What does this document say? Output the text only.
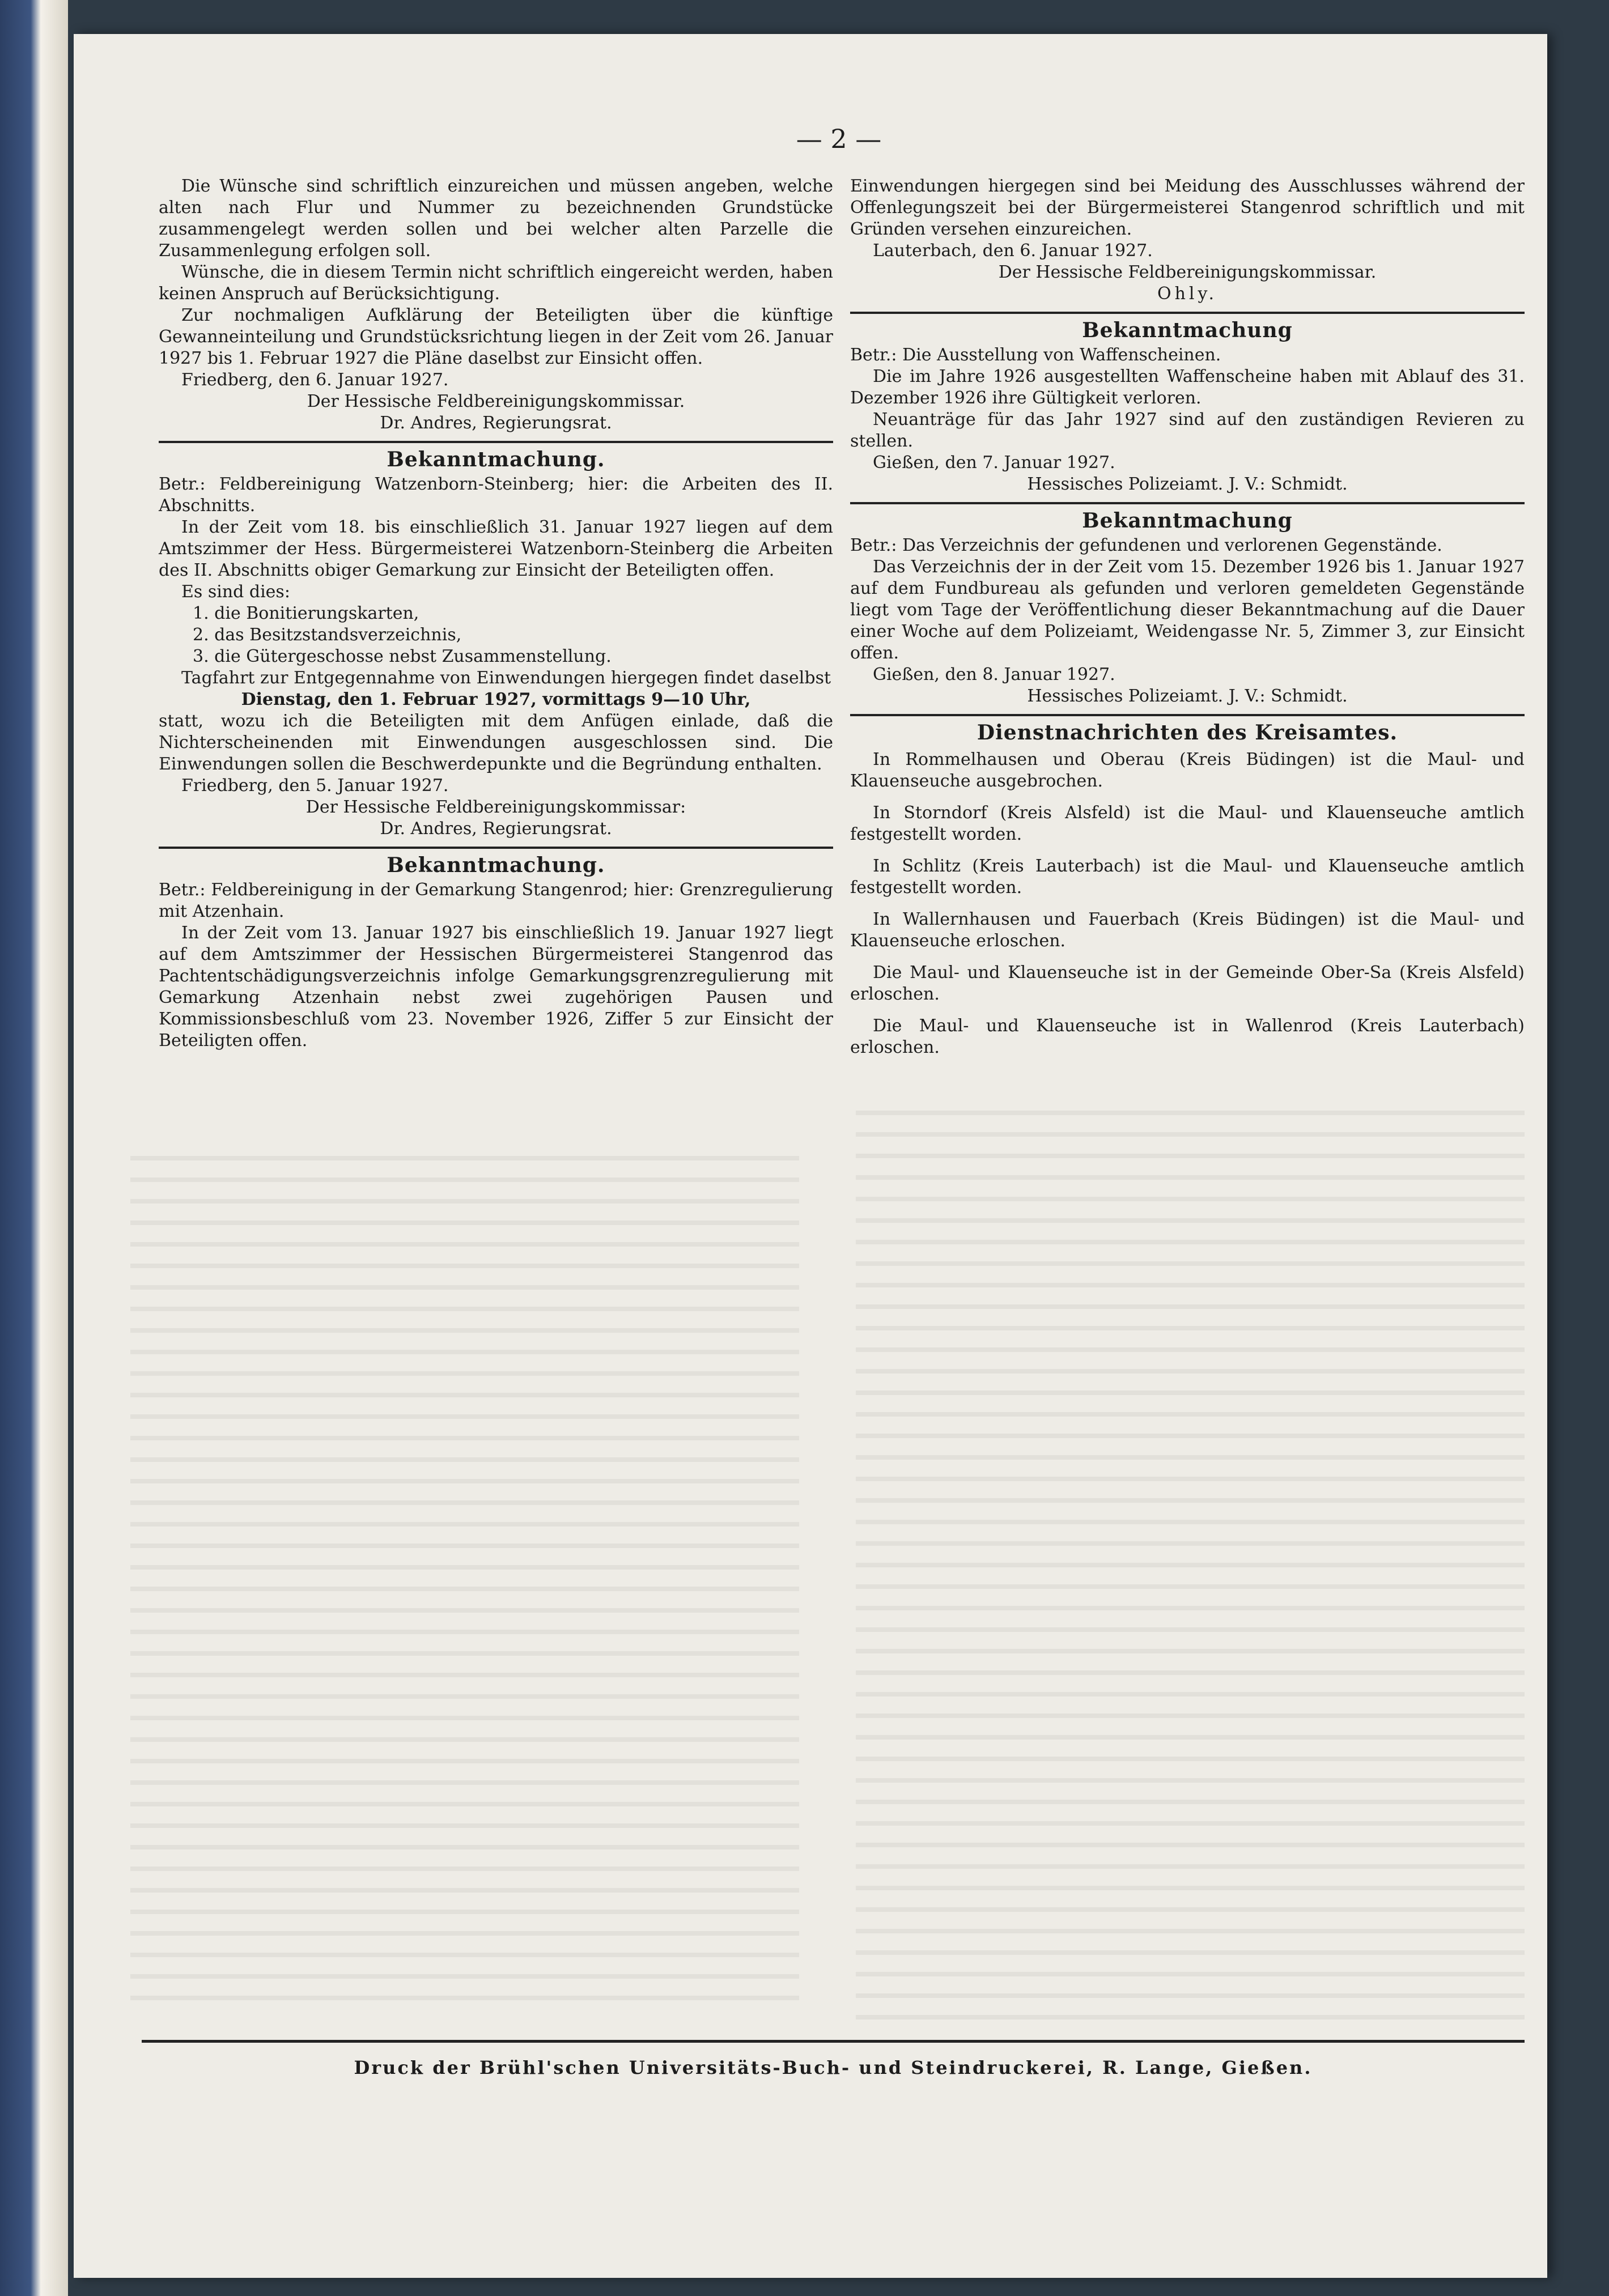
— 2 —

Die Wünsche sind schriftlich einzureichen und müssen angeben, welche alten nach Flur und Nummer zu bezeichnenden Grundstücke zusammengelegt werden sollen und bei welcher alten Parzelle die Zusammenlegung erfolgen soll.

Wünsche, die in diesem Termin nicht schriftlich eingereicht werden, haben keinen Anspruch auf Berücksichtigung.

Zur nochmaligen Aufklärung der Beteiligten über die künftige Gewanneinteilung und Grundstücksrichtung liegen in der Zeit vom 26. Januar 1927 bis 1. Februar 1927 die Pläne daselbst zur Einsicht offen.

Friedberg, den 6. Januar 1927.

Der Hessische Feldbereinigungskommissar.

Dr. Andres, Regierungsrat.

Bekanntmachung.

Betr.: Feldbereinigung Watzenborn-Steinberg; hier: die Arbeiten des II. Abschnitts.

In der Zeit vom 18. bis einschließlich 31. Januar 1927 liegen auf dem Amtszimmer der Hess. Bürgermeisterei Watzenborn-Steinberg die Arbeiten des II. Abschnitts obiger Gemarkung zur Einsicht der Beteiligten offen.

Es sind dies:

1. die Bonitierungskarten,

2. das Besitzstandsverzeichnis,

3. die Gütergeschosse nebst Zusammenstellung.

Tagfahrt zur Entgegennahme von Einwendungen hiergegen findet daselbst

Dienstag, den 1. Februar 1927, vormittags 9—10 Uhr,

statt, wozu ich die Beteiligten mit dem Anfügen einlade, daß die Nichterscheinenden mit Einwendungen ausgeschlossen sind. Die Einwendungen sollen die Beschwerdepunkte und die Begründung enthalten.

Friedberg, den 5. Januar 1927.

Der Hessische Feldbereinigungskommissar:

Dr. Andres, Regierungsrat.

Bekanntmachung.

Betr.: Feldbereinigung in der Gemarkung Stangenrod; hier: Grenzregulierung mit Atzenhain.

In der Zeit vom 13. Januar 1927 bis einschließlich 19. Januar 1927 liegt auf dem Amtszimmer der Hessischen Bürgermeisterei Stangenrod das Pachtentschädigungsverzeichnis infolge Gemarkungsgrenzregulierung mit Gemarkung Atzenhain nebst zwei zugehörigen Pausen und Kommissionsbeschluß vom 23. November 1926, Ziffer 5 zur Einsicht der Beteiligten offen.

Einwendungen hiergegen sind bei Meidung des Ausschlusses während der Offenlegungszeit bei der Bürgermeisterei Stangenrod schriftlich und mit Gründen versehen einzureichen.

Lauterbach, den 6. Januar 1927.

Der Hessische Feldbereinigungskommissar.

Ohly.

Bekanntmachung

Betr.: Die Ausstellung von Waffenscheinen.

Die im Jahre 1926 ausgestellten Waffenscheine haben mit Ablauf des 31. Dezember 1926 ihre Gültigkeit verloren.

Neuanträge für das Jahr 1927 sind auf den zuständigen Revieren zu stellen.

Gießen, den 7. Januar 1927.

Hessisches Polizeiamt. J. V.: Schmidt.

Bekanntmachung

Betr.: Das Verzeichnis der gefundenen und verlorenen Gegenstände.

Das Verzeichnis der in der Zeit vom 15. Dezember 1926 bis 1. Januar 1927 auf dem Fundbureau als gefunden und verloren gemeldeten Gegenstände liegt vom Tage der Veröffentlichung dieser Bekanntmachung auf die Dauer einer Woche auf dem Polizeiamt, Weidengasse Nr. 5, Zimmer 3, zur Einsicht offen.

Gießen, den 8. Januar 1927.

Hessisches Polizeiamt. J. V.: Schmidt.

Dienstnachrichten des Kreisamtes.

In Rommelhausen und Oberau (Kreis Büdingen) ist die Maul- und Klauenseuche ausgebrochen.

In Storndorf (Kreis Alsfeld) ist die Maul- und Klauenseuche amtlich festgestellt worden.

In Schlitz (Kreis Lauterbach) ist die Maul- und Klauenseuche amtlich festgestellt worden.

In Wallernhausen und Fauerbach (Kreis Büdingen) ist die Maul- und Klauenseuche erloschen.

Die Maul- und Klauenseuche ist in der Gemeinde Ober-Sa (Kreis Alsfeld) erloschen.

Die Maul- und Klauenseuche ist in Wallenrod (Kreis Lauterbach) erloschen.

Druck der Brühl'schen Universitäts-Buch- und Steindruckerei, R. Lange, Gießen.
